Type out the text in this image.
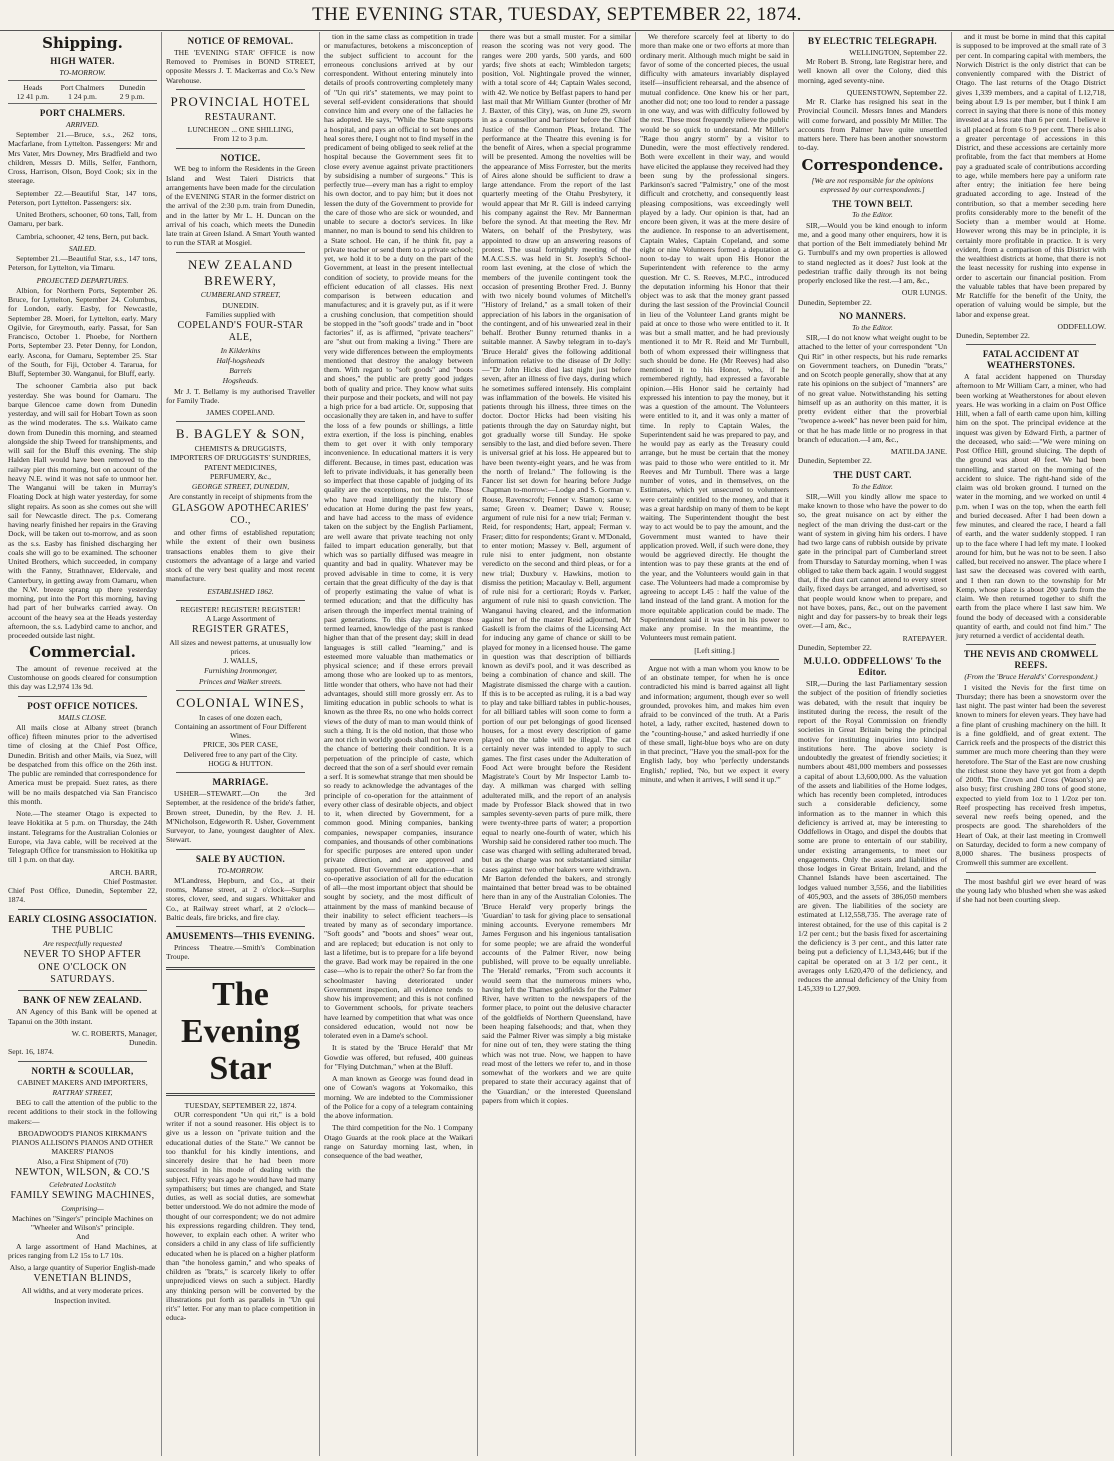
THE EVENING STAR, TUESDAY, SEPTEMBER 22, 1874.
Shipping.
HIGH WATER.
TO-MORROW.
Heads
12 41 p.m.
Port Chalmers
1 24 p.m.
Dunedin
2 9 p.m.
PORT CHALMERS.
ARRIVED.

September 21.—Bruce, s.s., 262 tons, Macfarlane, from Lyttelton. Passengers: Mr and Mrs Vater, Mrs Downey, Mrs Bradfield and two children, Messrs D. Mills, Selfer, Fanthorn, Cross, Harrison, Olson, Boyd Cook; six in the steerage.

September 22.—Beautiful Star, 147 tons, Peterson, port Lyttelton. Passengers: six.

United Brothers, schooner, 60 tons, Tall, from Oamaru, per bark.

Cambria, schooner, 42 tens, Bern, put back.

SAILED.

September 21.—Beautiful Star, s.s., 147 tons, Peterson, for Lyttelton, via Timaru.

PROJECTED DEPARTURES.

Albion, for Northern Ports, September 26. Bruce, for Lyttelton, September 24. Columbus, for London, early. Easby, for Newcastle, September 28. Moeri, for Lyttelton, early. Mary Ogilvie, for Greymouth, early. Passat, for San Francisco, October 1. Phoebe, for Northern Ports, September 23. Peter Denny, for London, early. Ascona, for Oamaru, September 25. Star of the South, for Fiji, October 4. Tararua, for Bluff, September 30. Wanganui, for Bluff, early.

The schooner Cambria also put back yesterday. She was bound for Oamaru. The barque Glencoe came down from Dunedin yesterday, and will sail for Hobart Town as soon as the wind moderates. The s.s. Waikato came down from Dunedin this morning, and steamed alongside the ship Tweed for transhipments, and will sail for the Bluff this evening. The ship Halden Hall would have been removed to the railway pier this morning, but on account of the heavy N.E. wind it was not safe to unmoor her. The Wanganui will be taken in Murray's Floating Dock at high water yesterday, for some slight repairs. As soon as she comes out she will sail for Newcastle direct. The p.s. Comerang having nearly finished her repairs in the Graving Dock, will be taken out to-morrow, and as soon as the s.s. Easby has finished discharging her coals she will go to be examined. The schooner United Brothers, which succeeded, in company with the Fanny, Strathnaver, Eldervale, and Canterbury, in getting away from Oamaru, when the N.W. breeze sprang up there yesterday morning, put into the Port this morning, having had part of her bulwarks carried away. On account of the heavy sea at the Heads yesterday afternoon, the s.s. Ladybird came to anchor, and proceeded outside last night.

Commercial.

The amount of revenue received at the Customhouse on goods cleared for consumption this day was L2,974 13s 9d.

POST OFFICE NOTICES.
MAILS CLOSE.

All mails close at Albany street (branch office) fifteen minutes prior to the advertised time of closing at the Chief Post Office, Dunedin. British and other Mails, via Suez, will be despatched from this office on the 26th inst. The public are reminded that correspondence for America must be prepaid. Suez rates, as there will be no mails despatched via San Francisco this month.

Note.—The steamer Otago is expected to leave Hokitika at 5 p.m. on Thursday, the 24th instant. Telegrams for the Australian Colonies or Europe, via Java cable, will be received at the Telegraph Office for transmission to Hokitika up till 1 p.m. on that day.

ARCH. BARR,
Chief Postmaster.
Chief Post Office, Dunedin, September 22, 1874.
EARLY CLOSING ASSOCIATION.
THE PUBLIC
Are respectfully requested
NEVER TO SHOP AFTER
ONE O'CLOCK ON SATURDAYS.
BANK OF NEW ZEALAND.

AN Agency of this Bank will be opened at Tapanui on the 30th instant.

W. C. ROBERTS, Manager,
Dunedin.
Sept. 16, 1874.
NORTH & SCOULLAR,
CABINET MAKERS AND IMPORTERS,
RATTRAY STREET,

BEG to call the attention of the public to the recent additions to their stock in the following makers:—

BROADWOOD'S PIANOS KIRKMAN'S PIANOS ALLISON'S PIANOS AND OTHER MAKERS' PIANOS
Also, a First Shipment of (70)
NEWTON, WILSON, & CO.'S
Celebrated Lockstitch
FAMILY SEWING MACHINES,
Comprising—
Machines on "Singer's" principle Machines on "Wheeler and Wilson's" principle.
And

A large assortment of Hand Machines, at prices ranging from L2 15s to L7 10s.

Also, a large quantity of Superior English-made
VENETIAN BLINDS,
All widths, and at very moderate prices.
Inspection invited.
NOTICE OF REMOVAL.

THE 'EVENING STAR' OFFICE is now Removed to Premises in BOND STREET, opposite Messrs J. T. Mackerras and Co.'s New Warehouse.

PROVINCIAL HOTEL
RESTAURANT.
LUNCHEON ... ONE SHILLING,
From 12 to 3 p.m.
NOTICE.

WE beg to inform the Residents in the Green Island and West Taieri Districts that arrangements have been made for the circulation of the EVENING STAR in the former district on the arrival of the 2:30 p.m. train from Dunedin, and in the latter by Mr L. H. Duncan on the arrival of his coach, which meets the Dunedin late train at Green Island. A Smart Youth wanted to run the STAR at Mosgiel.

NEW ZEALAND BREWERY,
CUMBERLAND STREET,
DUNEDIN.
Families supplied with
COPELAND'S FOUR-STAR ALE,
In Kilderkins
Half-hogsheads
Barrels
Hogsheads.

Mr J. T. Bellamy is my authorised Traveller for Family Trade.

JAMES COPELAND.
B. BAGLEY & SON,
CHEMISTS & DRUGGISTS,
IMPORTERS OF DRUGGISTS' SUNDRIES, PATENT MEDICINES,
PERFUMERY, &c.,
GEORGE STREET, DUNEDIN,
Are constantly in receipt of shipments from the
GLASGOW APOTHECARIES' CO.,

and other firms of established reputation; while the extent of their own business transactions enables them to give their customers the advantage of a large and varied stock of the very best quality and most recent manufacture.

ESTABLISHED 1862.
REGISTER! REGISTER! REGISTER!
A Large Assortment of
REGISTER GRATES,
All sizes and newest patterns, at unusually low prices.
J. WALLS,
Furnishing Ironmonger,
Princes and Walker streets.
COLONIAL WINES,
In cases of one dozen each,
Containing an assortment of Four Different
Wines.
PRICE, 30s PER CASE,
Delivered free to any part of the City.
HOGG & HUTTON.
MARRIAGE.

USHER—STEWART.—On the 3rd September, at the residence of the bride's father, Brown street, Dunedin, by the Rev. J. H. M'Nicholson, Edgeworth R. Usher, Government Surveyor, to Jane, youngest daughter of Alex. Stewart.

SALE BY AUCTION.
TO-MORROW.

M'Landress, Hepburn, and Co., at their rooms, Manse street, at 2 o'clock—Surplus stores, clover, seed, and sugars. Whittaker and Co., at Railway street wharf, at 2 o'clock—Baltic deals, fire bricks, and fire clay.

AMUSEMENTS—THIS EVENING.

Princess Theatre.—Smith's Combination Troupe.

The Evening Star
TUESDAY, SEPTEMBER 22, 1874.

OUR correspondent "Un qui rit," is a bold writer if not a sound reasoner. His object is to give us a lesson on "private tuition and the educational duties of the State." We cannot be too thankful for his kindly intentions, and sincerely desire that he had been more successful in his mode of dealing with the subject. Fifty years ago he would have had many sympathisers; but times are changed, and State duties, as well as social duties, are somewhat better understood. We do not admire the mode of thought of our correspondent; we do not admire his expressions regarding children. They tend, however, to explain each other. A writer who considers a child in any class of life sufficiently educated when he is placed on a higher platform than "the honoless gamin," and who speaks of children as "brats," is scarcely likely to offer unprejudiced views on such a subject. Hardly any thinking person will be converted by the illustrations put forth as parallels in "Un qui rit's" letter. For any man to place competition in educa-

tion in the same class as competition in trade or manufactures, betokens a misconception of the subject sufficient to account for the erroneous conclusions arrived at by our correspondent. Without entering minutely into details of proofs controverting completely many of "Un qui rit's" statements, we may point to several self-evident considerations that should convince him and every one of the fallacies he has adopted. He says, "While the State supports a hospital, and pays an official to set bones and heal sores there, I ought not to find myself in the predicament of being obliged to seek relief at the hospital because the Government sees fit to close every avenue against private practitioners by subsidising a number of surgeons." This is perfectly true—every man has a right to employ his own doctor, and to pay him; but it does not lessen the duty of the Government to provide for the care of those who are sick or wounded, and unable to secure a doctor's services. In like manner, no man is bound to send his children to a State school. He can, if he think fit, pay a private teacher or send them to a private school; yet, we hold it to be a duty on the part of the Government, at least in the present intellectual condition of society, to provide means for the efficient education of all classes. His next comparison is between education and manufactures; and it is gravely put, as if it were a crushing conclusion, that competition should be stopped in the "soft goods" trade and in "boot factories" if, as is affirmed, "private teachers" are "shut out from making a living." There are very wide differences between the employments mentioned that destroy the analogy between them. With regard to "soft goods" and "boots and shoes," the public are pretty good judges both of quality and price. They know what suits their purpose and their pockets, and will not pay a high price for a bad article. Or, supposing that occasionally they are taken in, and have to suffer the loss of a few pounds or shillings, a little extra exertion, if the loss is pinching, enables them to get over it with only temporary inconvenience. In educational matters it is very different. Because, in times past, education was left to private individuals, it has generally been so imperfect that those capable of judging of its quality are the exceptions, not the rule. Those who have read intelligently the history of education at Home during the past few years, and have had access to the mass of evidence taken on the subject by the English Parliament, are well aware that private teaching not only failed to impart education generally, but that which was so partially diffused was meagre in quantity and bad in quality. Whatever may be proved advisable in time to come, it is very certain that the great difficulty of the day is that of properly estimating the value of what is termed education; and that the difficulty has arisen through the imperfect mental training of past generations. To this day amongst those termed learned, knowledge of the past is ranked higher than that of the present day; skill in dead languages is still called "learning," and is esteemed more valuable than mathematics or physical science; and if these errors prevail among those who are looked up to as mentors, little wonder that others, who have not had their advantages, should still more grossly err. As to limiting education in public schools to what is known as the three Rs, no one who holds correct views of the duty of man to man would think of such a thing. It is the old notion, that those who are not rich in worldly goods shall not have even the chance of bettering their condition. It is a perpetuation of the principle of caste, which decreed that the son of a serf should ever remain a serf. It is somewhat strange that men should be so ready to acknowledge the advantages of the principle of co-operation for the attainment of every other class of desirable objects, and object to it, when directed by Government, for a common good. Mining companies, banking companies, newspaper companies, insurance companies, and thousands of other combinations for specific purposes are entered upon under private direction, and are approved and supported. But Government education—that is co-operative association of all for the education of all—the most important object that should be sought by society, and the most difficult of attainment by the mass of mankind because of their inability to select efficient teachers—is treated by many as of secondary importance. "Soft goods" and "boots and shoes" wear out, and are replaced; but education is not only to last a lifetime, but is to prepare for a life beyond the grave. Bad work may be repaired in the one case—who is to repair the other? So far from the schoolmaster having deteriorated under Government inspection, all evidence tends to show his improvement; and this is not confined to Government schools, for private teachers have learned by competition that what was once considered education, would not now be tolerated even in a Dame's school.

It is stated by the 'Bruce Herald' that Mr Gowdie was offered, but refused, 400 guineas for "Flying Dutchman," when at the Bluff.

A man known as George was found dead in one of Cowan's wagons at Yokomaiko, this morning. We are indebted to the Commissioner of the Police for a copy of a telegram containing the above information.

The third competition for the No. 1 Company Otago Guards at the rook place at the Waikari range on Saturday morning last, when, in consequence of the bad weather,

there was but a small muster. For a similar reason the scoring was not very good. The ranges were 200 yards, 500 yards, and 600 yards; five shots at each; Wimbledon targets; position, Vol. Nightingale proved the winner, with a total score of 44; Captain Wales second, with 42. We notice by Belfast papers to hand per last mail that Mr William Gunter (brother of Mr J. Baxter, of this City), was, on June 29, sworn in as a counsellor and barrister before the Chief Justice of the Common Pleas, Ireland. The performance at the Theatre this evening is for the benefit of Aires, when a special programme will be presented. Among the novelties will be the appearance of Miss Forrester, but the merits of Aires alone should be sufficient to draw a large attendance. From the report of the last quarterly meeting of the Otahu Presbytery, it would appear that Mr R. Gill is indeed carrying his company against the Rev. Mr Bannerman before the synod. At that meeting the Rev. Mr Waters, on behalf of the Presbytery, was appointed to draw up an answering reasons of protest. The usual fortnightly meeting of the M.A.C.S.S. was held in St. Joseph's School-room last evening, at the close of which the members of the juvenile contingent took the occasion of presenting Brother Fred. J. Bunny with two nicely bound volumes of Mitchell's "History of Ireland," as a small token of their appreciation of his labors in the organisation of the contingent, and of his unwearied zeal in their behalf. Brother Bunny returned thanks in a suitable manner. A Sawby telegram in to-day's 'Bruce Herald' gives the following additional information relative to the disease of Dr Jolly:—"Dr John Hicks died last night just before seven, after an illness of five days, during which he sometimes suffered intensely. His complaint was inflammation of the bowels. He visited his patients through his illness, three times on the doctor. Doctor Hicks had been visiting his patients through the day on Saturday night, but got gradually worse till Sunday. He spoke sensibly to the last, and died before seven. There is universal grief at his loss. He appeared but to have been twenty-eight years, and he was from the north of Ireland." The following is the Fancer list set down for hearing before Judge Chapman to-morrow:—Lodge and S. Gorman v. Rouse, Ravenscroft; Fenner v. Stamon; same v. same; Green v. Deamer; Dawe v. Rouse; argument of rule nisi for a new trial; Ferman v. Reid, for respondents; Hart, appeal; Ferman v. Fraser; ditto for respondents; Grant v. M'Donald, to enter motion; Massey v. Bell, argument of rule nisi to enter judgment, non obstante veredicto on the second and third pleas, or for a new trial; Duxbury v. Hawkins, motion to dismiss the petition; Macaulay v. Bell, argument of rule nisi for a certiorari; Royds v. Parker, argument of rule nisi to quash conviction. The Wanganui having cleared, and the information against her of the master Reid adjourned, Mr Gaskell is from the claims of the Licensing Act for inducing any game of chance or skill to be played for money in a licensed house. The game in question was that description of billiards known as devil's pool, and it was described as being a combination of chance and skill. The Magistrate dismissed the charge with a caution. If this is to be accepted as ruling, it is a bad way to play and take billiard tables in public-houses, for all billiard tables will soon come to form a portion of our pet belongings of good licensed houses, for a most every description of game played on the table will be illegal. The cat certainly never was intended to apply to such games. The first cases under the Adulteration of Food Act were brought before the Resident Magistrate's Court by Mr Inspector Lamb to-day. A milkman was charged with selling adulterated milk, and the report of an analysis made by Professor Black showed that in two samples seventy-seven parts of pure milk, there were twenty-three parts of water; a proportion equal to nearly one-fourth of water, which his Worship said he considered rather too much. The case was charged with selling adulterated bread, but as the charge was not substantiated similar cases against two other bakers were withdrawn. Mr Barton defended the bakers, and strongly maintained that better bread was to be obtained here than in any of the Australian Colonies. The 'Bruce Herald' very properly brings the 'Guardian' to task for giving place to sensational mining accounts. Everyone remembers Mr James Ferguson and his ingenious tantalisation for some people; we are afraid the wonderful accounts of the Palmer River, now being published, will prove to be equally unreliable. The 'Herald' remarks, "From such accounts it would seem that the numerous miners who, having left the Thames goldfields for the Palmer River, have written to the newspapers of the former place, to point out the delusive character of the goldfields of Northern Queensland, have been heaping falsehoods; and that, when they said the Palmer River was simply a big mistake for nine out of ten, they were stating the thing which was not true. Now, we happen to have read most of the letters we refer to, and in those somewhat of the workers and we are quite prepared to state their accuracy against that of the 'Guardian,' or the interested Queensland papers from which it copies.

We therefore scarcely feel at liberty to do more than make one or two efforts at more than ordinary merit. Although much might be said in favor of some of the concerted pieces, the usual difficulty with amateurs invariably displayed itself—insufficient rehearsal, and the absence of mutual confidence. One knew his or her part, another did not; one too loud to render a passage in one way, and was with difficulty followed by the rest. These most frequently relieve the public would be so quick to understand. Mr Miller's "Rage thou angry storm" by a visitor to Dunedin, were the most effectively rendered. Both were excellent in their way, and would have elicited the applause they received had they been sung by the professional singers. Parkinson's sacred "Palmistry," one of the most difficult and crotchetty, and consequently least pleasing compositions, was exceedingly well played by a lady. Our opinion is that, had an encore been given, it was at the mere desire of the audience. In response to an advertisement, Captain Wales, Captain Copeland, and some eight or nine Volunteers formed a deputation at noon to-day to wait upon His Honor the Superintendent with reference to the army question. Mr C. S. Reeves, M.P.C., introduced the deputation informing his Honor that their object was to ask that the money grant passed during the last session of the Provincial Council in lieu of the Volunteer Land grants might be paid at once to those who were entitled to it. It was but a small matter, and he had previously mentioned it to Mr R. Reid and Mr Turnbull, both of whom expressed their willingness that such should be done. He (Mr Reeves) had also mentioned it to his Honor, who, if he remembered rightly, had expressed a favorable opinion.—His Honor said he certainly had expressed his intention to pay the money, but it was a question of the amount. The Volunteers were entitled to it, and it was only a matter of time. In reply to Captain Wales, the Superintendent said he was prepared to pay, and he would pay as early as the Treasury could arrange, but he must be certain that the money was paid to those who were entitled to it. Mr Reeves and Mr Turnbull. There was a large number of votes, and in themselves, on the Estimates, which yet unsecured to volunteers were certainly entitled to the money, and that it was a great hardship on many of them to be kept waiting. The Superintendent thought the best way to act would be to pay the amount, and the Government must wanted to have their application proved. Well, if such were done, they would be aggrieved directly. He thought the intention was to pay these grants at the end of the year, and the Volunteers would gain in that case. The Volunteers had made a compromise by agreeing to accept L45 : half the value of the land instead of the land grant. A motion for the more equitable application could be made. The Superintendent said it was not in his power to make any promise. In the meantime, the Volunteers must remain patient.

[Left sitting.]

Argue not with a man whom you know to be of an obstinate temper, for when he is once contradicted his mind is barred against all light and information; argument, though ever so well grounded, provokes him, and makes him even afraid to be convinced of the truth. At a Paris hotel, a lady, rather excited, hastened down to the "counting-house," and asked hurriedly if one of these small, light-blue boys who are on duty in that precinct, "Have you the small-pox for the English lady, boy who 'perfectly understands English,' replied, 'No, but we expect it every minute, and when it arrives, I will send it up.'"

BY ELECTRIC TELEGRAPH.
WELLINGTON, September 22.

Mr Robert B. Strong, late Registrar here, and well known all over the Colony, died this morning, aged seventy-nine.

QUEENSTOWN, September 22.

Mr R. Clarke has resigned his seat in the Provincial Council. Messrs Innes and Manders will come forward, and possibly Mr Miller. The accounts from Palmer have quite unsettled matters here. There has been another snowstorm to-day.

Correspondence.
[We are not responsible for the opinions expressed by our correspondents.]
THE TOWN BELT.
To the Editor.

SIR,—Would you be kind enough to inform me, and a good many other enquirers, how it is that portion of the Belt immediately behind Mr G. Turnbull's and my own properties is allowed to stand neglected as it does? Just look at the pedestrian traffic daily through its not being properly enclosed like the rest.—I am, &c.,

OUR LUNGS.
Dunedin, September 22.
NO MANNERS.
To the Editor.

SIR,—I do not know what weight ought to be attached to the letter of your correspondent "Un Qui Rit" in other respects, but his rude remarks on Government teachers, on Dunedin "brats," and on Scotch people generally, show that at any rate his opinions on the subject of "manners" are of no great value. Notwithstanding his setting himself up as an authority on this matter, it is pretty evident either that the proverbial "twopence a-week" has never been paid for him, or that he has made little or no progress in that branch of education.—I am, &c.,

MATILDA JANE.
Dunedin, September 22.
THE DUST CART.
To the Editor.

SIR,—Will you kindly allow me space to make known to those who have the power to do so, the great nuisance on act by either the neglect of the man driving the dust-cart or the want of system in giving him his orders. I have had two large cans of rubbish outside by private gate in the principal part of Cumberland street from Thursday to Saturday morning, when I was obliged to take them back again. I would suggest that, if the dust cart cannot attend to every street daily, fixed days be arranged, and advertised, so that people would know when to prepare, and not have boxes, pans, &c., out on the pavement night and day for passers-by to break their legs over.—I am, &c.,

RATEPAYER.
Dunedin, September 22.
M.U.I.O. ODDFELLOWS' To the Editor.

SIR,—During the last Parliamentary session the subject of the position of friendly societies was debated, with the result that inquiry be instituted during the recess, the result of the report of the Royal Commission on friendly societies in Great Britain being the principal motive for instituting inquiries into kindred institutions here. The above society is undoubtedly the greatest of friendly societies; it numbers about 481,000 members and possesses a capital of about L3,600,000. As the valuation of the assets and liabilities of the Home lodges, which has recently been completed, introduces such a considerable deficiency, some information as to the manner in which this deficiency is arrived at, may be interesting to Oddfellows in Otago, and dispel the doubts that some are prone to entertain of our stability, under existing arrangements, to meet our engagements. Only the assets and liabilities of those lodges in Great Britain, Ireland, and the Channel Islands have been ascertained. The lodges valued number 3,556, and the liabilities of 405,903, and the assets of 386,050 members are given. The liabilities of the society are estimated at L12,558,735. The average rate of interest obtained, for the use of this capital is 2 1/2 per cent.; but the basis fixed for ascertaining the deficiency is 3 per cent., and this latter rate being put a deficiency of L1,343,446; but if the capital be operated on at 3 1/2 per cent., it averages only L620,470 of the deficiency, and reduces the annual deficiency of the Unity from L45,339 to L27,909.

and it must be borne in mind that this capital is supposed to be improved at the small rate of 3 per cent. In comparing capital with members, the Norwich District is the only district that can be conveniently compared with the District of Otago. The last returns of the Otago District gives 1,339 members, and a capital of L12,718, being about L9 1s per member, but I think I am correct in saying that there is none of this money invested at a less rate than 6 per cent. I believe it is all placed at from 6 to 9 per cent. There is also a greater percentage of accessions in this District, and these accessions are certainly more profitable, from the fact that members at Home pay a graduated scale of contributions according to age, while members here pay a uniform rate after entry; the initiation fee here being graduated according to age. Instead of the contribution, so that a member seceding here profits considerably more to the benefit of the Society than a member would at Home. However wrong this may be in principle, it is certainly more profitable in practice. It is very evident, from a comparison of this District with the wealthiest districts at home, that there is not the least necessity for rushing into expense in order to ascertain our financial position. From the valuable tables that have been prepared by Mr Ratcliffe for the benefit of the Unity, the operation of valuing would be simple, but the labor and expense great.

ODDFELLOW.
Dunedin, September 22.
FATAL ACCIDENT AT WEATHERSTONES.

A fatal accident happened on Thursday afternoon to Mr William Carr, a miner, who had been working at Weatherstones for about eleven years. He was working in a claim on Post Office Hill, when a fall of earth came upon him, killing him on the spot. The principal evidence at the inquest was given by Edward Firth, a partner of the deceased, who said:—"We were mining on Post Office Hill, ground sluicing. The depth of the ground was about 40 feet. We had been tunnelling, and started on the morning of the accident to sluice. The right-hand side of the claim was old broken ground. I turned on the water in the morning, and we worked on until 4 p.m. when I was on the top, when the earth fell and buried deceased. After I had been down a few minutes, and cleared the race, I heard a fall of earth, and the water suddenly stopped. I ran up to the face where I had left my mate. I looked around for him, but he was not to be seen. I also called, but received no answer. The place where I last saw the deceased was covered with earth, and I then ran down to the township for Mr Kemp, whose place is about 200 yards from the claim. We then returned together to shift the earth from the place where I last saw him. We found the body of deceased with a considerable quantity of earth, and could not find him." The jury returned a verdict of accidental death.

THE NEVIS AND CROMWELL REEFS.
(From the 'Bruce Herald's' Correspondent.)

I visited the Nevis for the first time on Thursday; there has been a snowstorm over the last night. The past winter had been the severest known to miners for eleven years. They have had a fine plant of crushing machinery on the hill. It is a fine goldfield, and of great extent. The Carrick reefs and the prospects of the district this summer are much more cheering than they were heretofore. The Star of the East are now crushing the richest stone they have yet got from a depth of 200ft. The Crown and Cross (Watson's) are also busy; first crushing 280 tons of good stone, expected to yield from 1oz to 1 1/2oz per ton. Reef prospecting has received fresh impetus, several new reefs being opened, and the prospects are good. The shareholders of the Heart of Oak, at their last meeting in Cromwell on Saturday, decided to form a new company of 8,000 shares. The business prospects of Cromwell this summer are excellent.

The most bashful girl we ever heard of was the young lady who blushed when she was asked if she had not been courting sleep.
